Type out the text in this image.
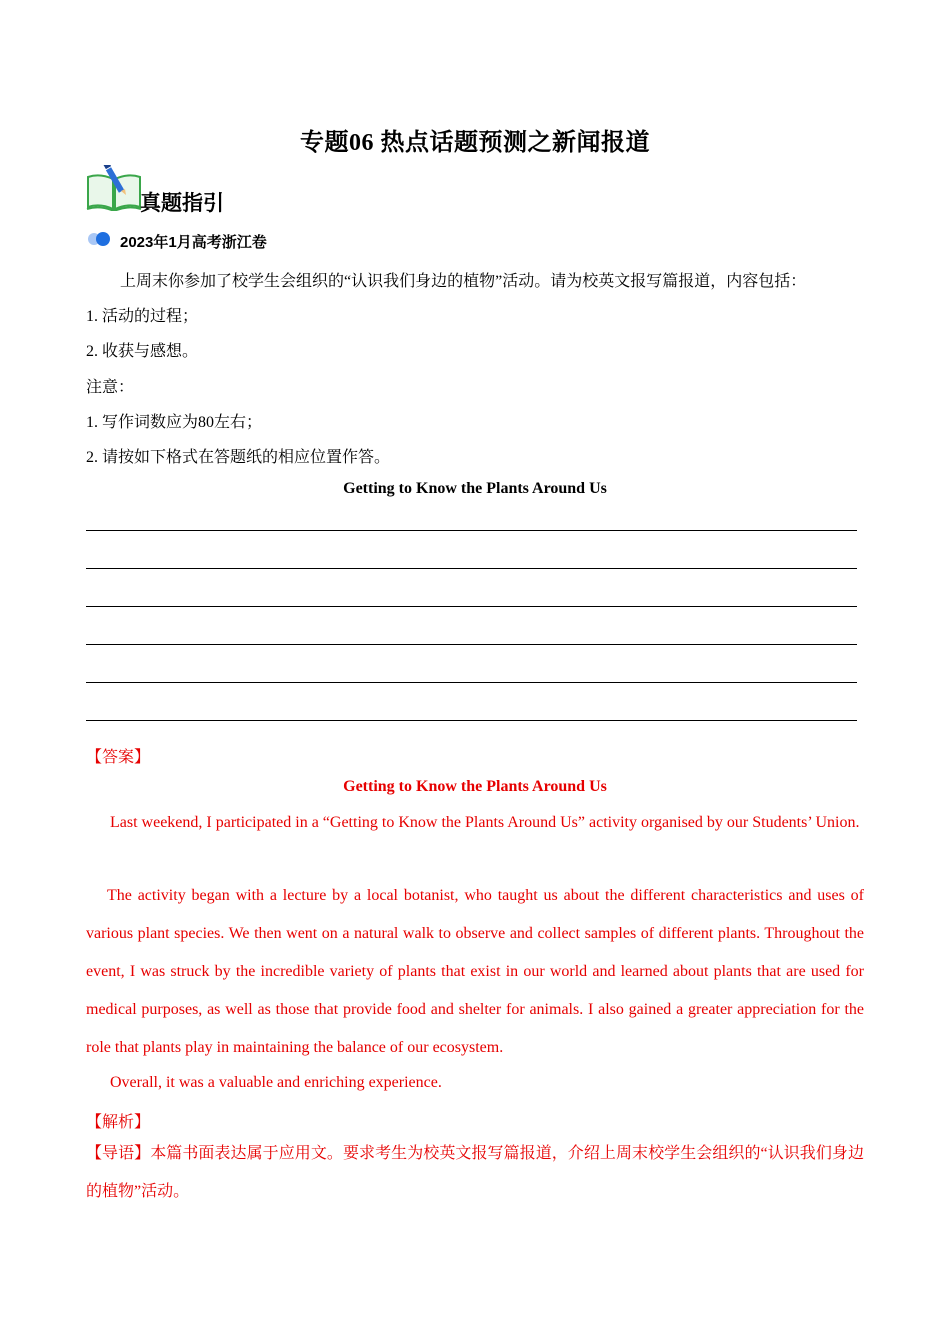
专题06 热点话题预测之新闻报道
真题指引
2023年1月高考浙江卷
上周末你参加了校学生会组织的“认识我们身边的植物”活动。请为校英文报写篇报道，内容包括：
1. 活动的过程；
2. 收获与感想。
注意：
1. 写作词数应为80左右；
2. 请按如下格式在答题纸的相应位置作答。
Getting to Know the Plants Around Us
【答案】
Getting to Know the Plants Around Us
Last weekend, I participated in a “Getting to Know the Plants Around Us” activity organised by our Students’ Union.
The activity began with a lecture by a local botanist, who taught us about the different characteristics and uses of various plant species. We then went on a natural walk to observe and collect samples of different plants. Throughout the event, I was struck by the incredible variety of plants that exist in our world and learned about plants that are used for medical purposes, as well as those that provide food and shelter for animals. I also gained a greater appreciation for the role that plants play in maintaining the balance of our ecosystem.
Overall, it was a valuable and enriching experience.
【解析】
【导语】本篇书面表达属于应用文。要求考生为校英文报写篇报道，介绍上周末校学生会组织的“认识我们身边的植物”活动。
